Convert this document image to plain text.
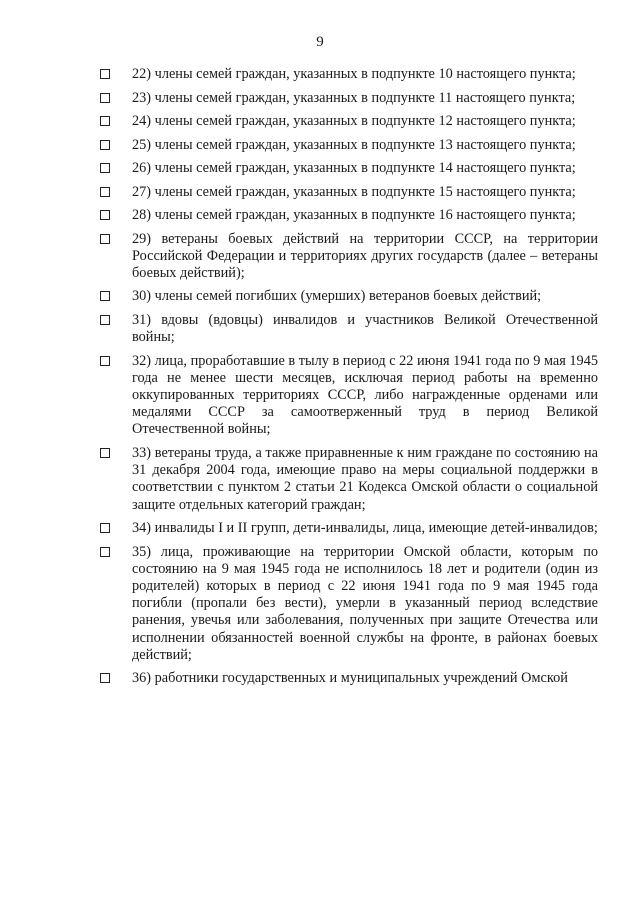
9
22) члены семей граждан, указанных в подпункте 10 настоящего пункта;
23) члены семей граждан, указанных в подпункте 11 настоящего пункта;
24) члены семей граждан, указанных в подпункте 12 настоящего пункта;
25) члены семей граждан, указанных в подпункте 13 настоящего пункта;
26) члены семей граждан, указанных в подпункте 14 настоящего пункта;
27) члены семей граждан, указанных в подпункте 15 настоящего пункта;
28) члены семей граждан, указанных в подпункте 16 настоящего пункта;
29) ветераны боевых действий на территории СССР, на территории Российской Федерации и территориях других государств (далее – ветераны боевых действий);
30) члены семей погибших (умерших) ветеранов боевых действий;
31) вдовы (вдовцы) инвалидов и участников Великой Отечественной войны;
32) лица, проработавшие в тылу в период с 22 июня 1941 года по 9 мая 1945 года не менее шести месяцев, исключая период работы на временно оккупированных территориях СССР, либо награжденные орденами или медалями СССР за самоотверженный труд в период Великой Отечественной войны;
33) ветераны труда, а также приравненные к ним граждане по состоянию на 31 декабря 2004 года, имеющие право на меры социальной поддержки в соответствии с пунктом 2 статьи 21 Кодекса Омской области о социальной защите отдельных категорий граждан;
34) инвалиды I и II групп, дети-инвалиды, лица, имеющие детей-инвалидов;
35) лица, проживающие на территории Омской области, которым по состоянию на 9 мая 1945 года не исполнилось 18 лет и родители (один из родителей) которых в период с 22 июня 1941 года по 9 мая 1945 года погибли (пропали без вести), умерли в указанный период вследствие ранения, увечья или заболевания, полученных при защите Отечества или исполнении обязанностей военной службы на фронте, в районах боевых действий;
36) работники государственных и муниципальных учреждений Омской
